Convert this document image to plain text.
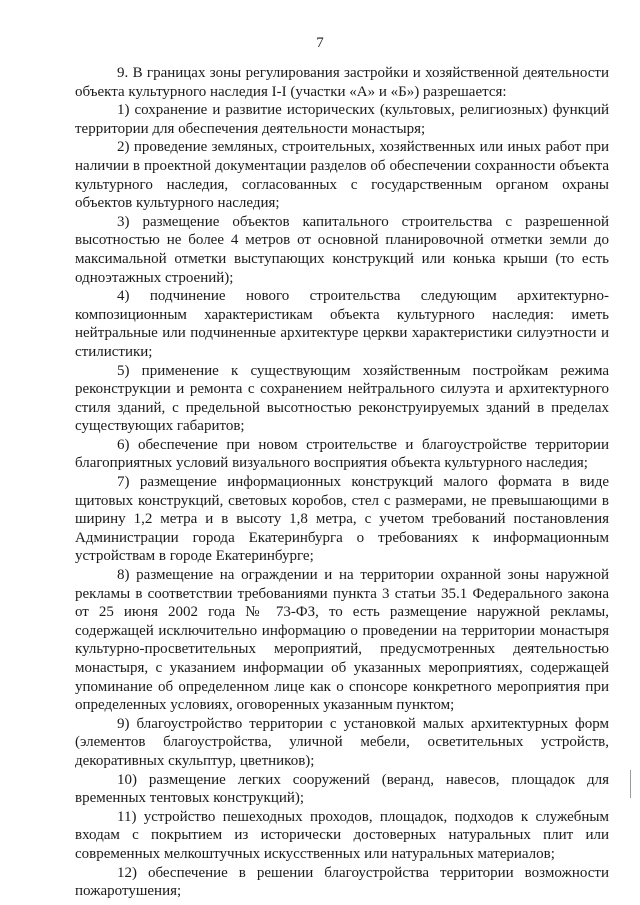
7

9. В границах зоны регулирования застройки и хозяйственной деятельности объекта культурного наследия I-I (участки «А» и «Б») разрешается:

1) сохранение и развитие исторических (культовых, религиозных) функций территории для обеспечения деятельности монастыря;

2) проведение земляных, строительных, хозяйственных или иных работ при наличии в проектной документации разделов об обеспечении сохранности объекта культурного наследия, согласованных с государственным органом охраны объектов культурного наследия;

3) размещение объектов капитального строительства с разрешенной высотностью не более 4 метров от основной планировочной отметки земли до максимальной отметки выступающих конструкций или конька крыши (то есть одноэтажных строений);

4) подчинение нового строительства следующим архитектурно-композиционным характеристикам объекта культурного наследия: иметь нейтральные или подчиненные архитектуре церкви характеристики силуэтности и стилистики;

5) применение к существующим хозяйственным постройкам режима реконструкции и ремонта с сохранением нейтрального силуэта и архитектурного стиля зданий, с предельной высотностью реконструируемых зданий в пределах существующих габаритов;

6) обеспечение при новом строительстве и благоустройстве территории благоприятных условий визуального восприятия объекта культурного наследия;

7) размещение информационных конструкций малого формата в виде щитовых конструкций, световых коробов, стел с размерами, не превышающими в ширину 1,2 метра и в высоту 1,8 метра, с учетом требований постановления Администрации города Екатеринбурга о требованиях к информационным устройствам в городе Екатеринбурге;

8) размещение на ограждении и на территории охранной зоны наружной рекламы в соответствии требованиями пункта 3 статьи 35.1 Федерального закона от 25 июня 2002 года № 73-ФЗ, то есть размещение наружной рекламы, содержащей исключительно информацию о проведении на территории монастыря культурно-просветительных мероприятий, предусмотренных деятельностью монастыря, с указанием информации об указанных мероприятиях, содержащей упоминание об определенном лице как о спонсоре конкретного мероприятия при определенных условиях, оговоренных указанным пунктом;

9) благоустройство территории с установкой малых архитектурных форм (элементов благоустройства, уличной мебели, осветительных устройств, декоративных скульптур, цветников);

10) размещение легких сооружений (веранд, навесов, площадок для временных тентовых конструкций);

11) устройство пешеходных проходов, площадок, подходов к служебным входам с покрытием из исторически достоверных натуральных плит или современных мелкоштучных искусственных или натуральных материалов;

12) обеспечение в решении благоустройства территории возможности пожаротушения;
